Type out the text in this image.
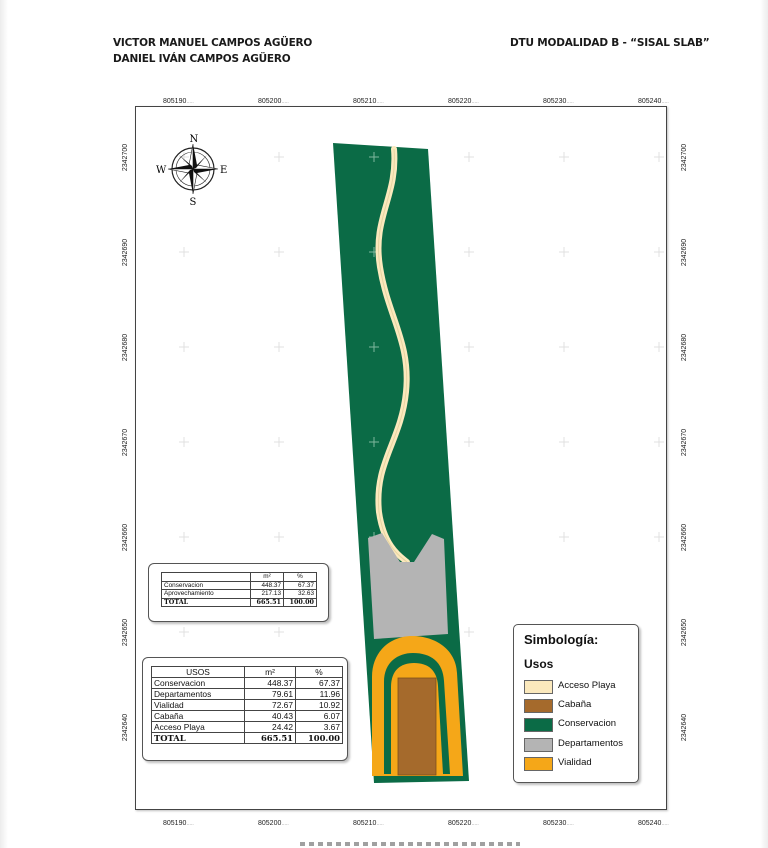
VICTOR MANUEL CAMPOS AGÜERO
DANIEL IVÁN CAMPOS AGÜERO
DTU MODALIDAD B - “SISAL SLAB”
805190.....	805200.....	805210.....	805220.....	805230.....	805240.....
805190.....	805200.....	805210.....	805220.....	805230.....	805240.....
2342700
2342690
2342680
2342670
2342660
2342650
2342640
2342700
2342690
2342680
2342670
2342660
2342650
2342640
N
S
E
W
	m²	%
Conservacion	448.37	67.37
Aprovechamiento	217.13	32.63
TOTAL	665.51	100.00
USOS	m²	%
Conservacion	448.37	67.37
Departamentos	79.61	11.96
Vialidad	72.67	10.92
Cabaña	40.43	6.07
Acceso Playa	24.42	3.67
TOTAL	665.51	100.00
Simbología:
Usos
Acceso Playa
Cabaña
Conservacion
Departamentos
Vialidad
